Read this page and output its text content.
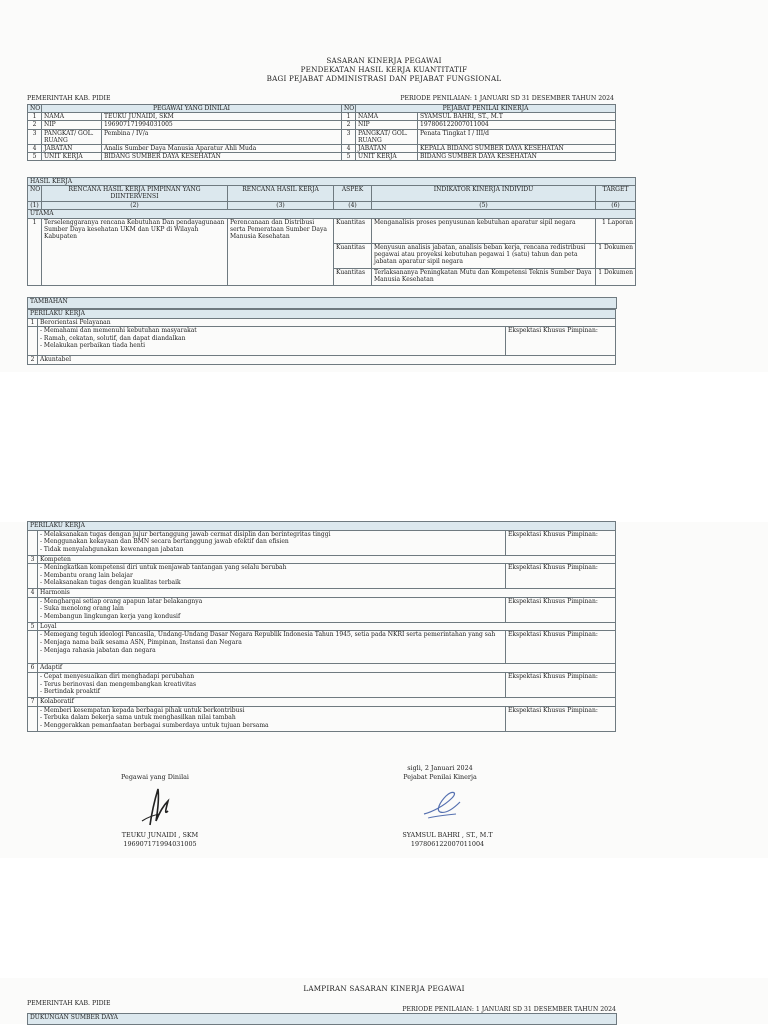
SASARAN KINERJA PEGAWAI
PENDEKATAN HASIL KERJA KUANTITATIF
BAGI PEJABAT ADMINISTRASI DAN PEJABAT FUNGSIONAL
PEMERINTAH KAB. PIDIE	PERIODE PENILAIAN: 1 JANUARI SD 31 DESEMBER TAHUN 2024
NO	PEGAWAI YANG DINILAI		NO	PEJABAT PENILAI KINERJA	
1	NAMA	TEUKU JUNAIDI, SKM	1	NAMA	SYAMSUL BAHRI, ST., M.T
2	NIP	196907171994031005	2	NIP	197806122007011004
3	PANGKAT/ GOL. RUANG	Pembina / IV/a	3	PANGKAT/ GOL. RUANG	Penata Tingkat I / III/d
4	JABATAN	Analis Sumber Daya Manusia Aparatur Ahli Muda	4	JABATAN	KEPALA BIDANG SUMBER DAYA KESEHATAN
5	UNIT KERJA	BIDANG SUMBER DAYA KESEHATAN	5	UNIT KERJA	BIDANG SUMBER DAYA KESEHATAN
HASIL KERJA					
NO	RENCANA HASIL KERJA PIMPINAN YANG DIINTERVENSI	RENCANA HASIL KERJA	ASPEK	INDIKATOR KINERJA INDIVIDU	TARGET
(1)	(2)	(3)	(4)	(5)	(6)
UTAMA					
1	Terselenggaranya rencana Kebutuhan Dan pendayagunaan Sumber Daya kesehatan UKM dan UKP di Wilayah Kabupaten	Perencanaan dan Distribusi serta Pemerataan Sumber Daya Manusia Kesehatan	Kuantitas	Menganalisis proses penyusunan kebutuhan aparatur sipil negara	1 Laporan
			Kuantitas	Menyusun analisis jabatan, analisis beban kerja, rencana redistribusi pegawai atau proyeksi kebutuhan pegawai 1 (satu) tahun dan peta jabatan aparatur sipil negara	1 Dokumen
			Kuantitas	Terlaksananya Peningkatan Mutu dan Kompetensi Teknis Sumber Daya Manusia Kesehatan	1 Dokumen
TAMBAHAN
PERILAKU KERJA		
1	Berorientasi Pelayanan	

	- Memahami dan memenuhi kebutuhan masyarakat
- Ramah, cekatan, solutif, dan dapat diandalkan
- Melakukan perbaikan tiada henti	Ekspektasi Khusus Pimpinan:
2	Akuntabel	
PERILAKU KERJA		

	- Melaksanakan tugas dengan jujur bertanggung jawab cermat disiplin dan berintegritas tinggi
- Menggunakan kekayaan dan BMN secara bertanggung jawab efektif dan efisien
- Tidak menyalahgunakan kewenangan jabatan	Ekspektasi Khusus Pimpinan:
3	Kompeten	

	- Meningkatkan kompetensi diri untuk menjawab tantangan yang selalu berubah
- Membantu orang lain belajar
- Melaksanakan tugas dengan kualitas terbaik	Ekspektasi Khusus Pimpinan:
4	Harmonis	

	- Menghargai setiap orang apapun latar belakangnya
- Suka menolong orang lain
- Membangun lingkungan kerja yang kondusif	Ekspektasi Khusus Pimpinan:
5	Loyal	

	- Memegang teguh ideologi Pancasila, Undang-Undang Dasar Negara Republik Indonesia Tahun 1945, setia pada NKRI serta pemerintahan yang sah
- Menjaga nama baik sesama ASN, Pimpinan, Instansi dan Negara
- Menjaga rahasia jabatan dan negara	Ekspektasi Khusus Pimpinan:
6	Adaptif	

	- Cepat menyesuaikan diri menghadapi perubahan
- Terus berinovasi dan mengembangkan kreativitas
- Bertindak proaktif	Ekspektasi Khusus Pimpinan:
7	Kolaboratif	

	- Memberi kesempatan kepada berbagai pihak untuk berkontribusi
- Terbuka dalam bekerja sama untuk menghasilkan nilai tambah
- Menggerakkan pemanfaatan berbagai sumberdaya untuk tujuan bersama	Ekspektasi Khusus Pimpinan:
Pegawai yang Dinilai
TEUKU JUNAIDI , SKM
196907171994031005
sigli, 2 Januari 2024
Pejabat Penilai Kinerja
SYAMSUL BAHRI , ST., M.T
197806122007011004
LAMPIRAN SASARAN KINERJA PEGAWAI
PEMERINTAH KAB. PIDIE
PERIODE PENILAIAN: 1 JANUARI SD 31 DESEMBER TAHUN 2024
DUKUNGAN SUMBER DAYA
